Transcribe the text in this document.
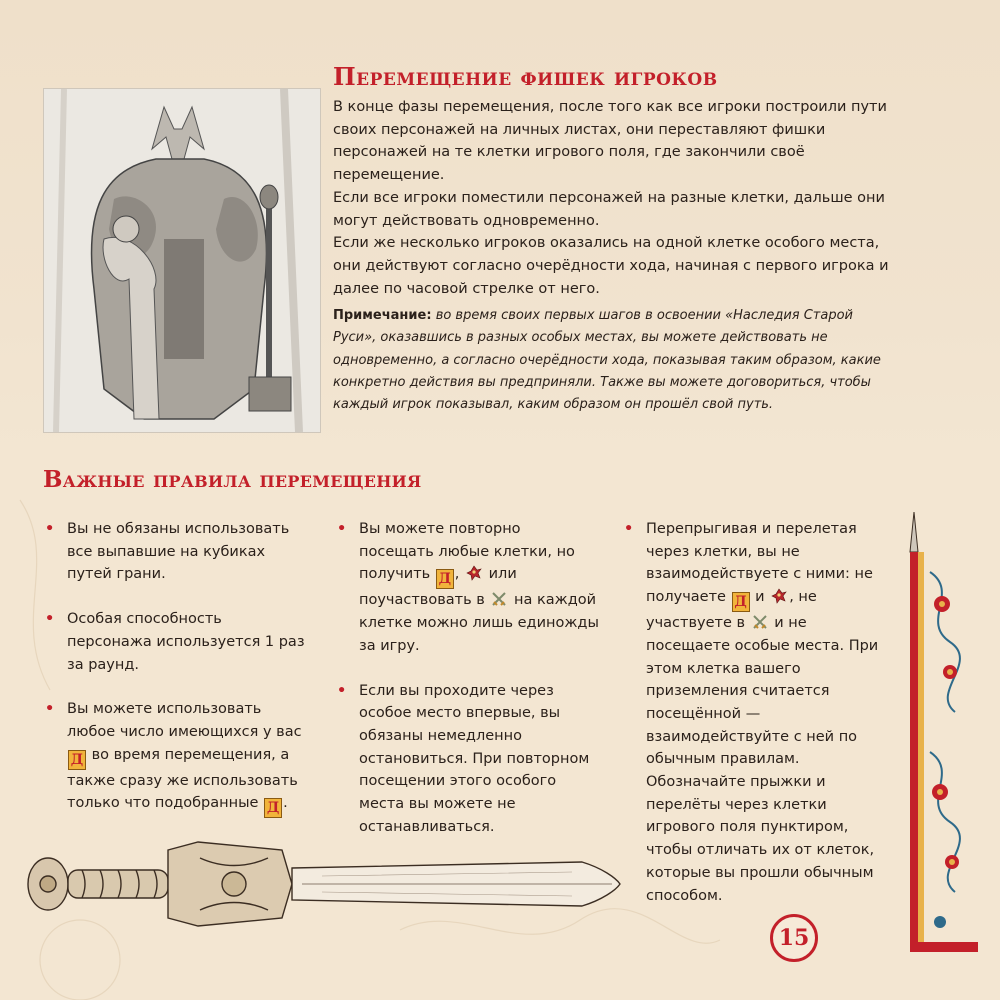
Перемещение фишек игроков

В конце фазы перемещения, после того как все игроки построили пути своих персонажей на личных листах, они переставляют фишки персонажей на те клетки игрового поля, где закончили своё перемещение.

Если все игроки поместили персонажей на разные клетки, дальше они могут действовать одновременно.

Если же несколько игроков оказались на одной клетке особого места, они действуют согласно очерёдности хода, начиная с первого игрока и далее по часовой стрелке от него.

Примечание: во время своих первых шагов в освоении «Наследия Старой Руси», оказавшись в разных особых местах, вы можете действовать не одновременно, а согласно очерёдности хода, показывая таким образом, какие конкретно действия вы предприняли. Также вы можете договориться, чтобы каждый игрок показывал, каким образом он прошёл свой путь.

Важные правила перемещения
• Вы не обязаны использовать все выпавшие на кубиках путей грани.

• Особая способность персонажа используется 1 раз за раунд.

• Вы можете использовать любое число имеющихся у вас Д во время перемещения, а также сразу же использовать только что подобранные Д .

• Вы можете повторно посещать любые клетки, но получить Д , или поучаствовать в на каждой клетке можно лишь единожды за игру.

• Если вы проходите через особое место впервые, вы обязаны немедленно остановиться. При повторном посещении этого особого места вы можете не останавливаться.

• Перепрыгивая и перелетая через клетки, вы не взаимодействуете с ними: не получаете Д и , не участвуете в и не посещаете особые места. При этом клетка вашего приземления считается посещённой — взаимодействуйте с ней по обычным правилам. Обозначайте прыжки и перелёты через клетки игрового поля пунктиром, чтобы отличать их от клеток, которые вы прошли обычным способом.

15
